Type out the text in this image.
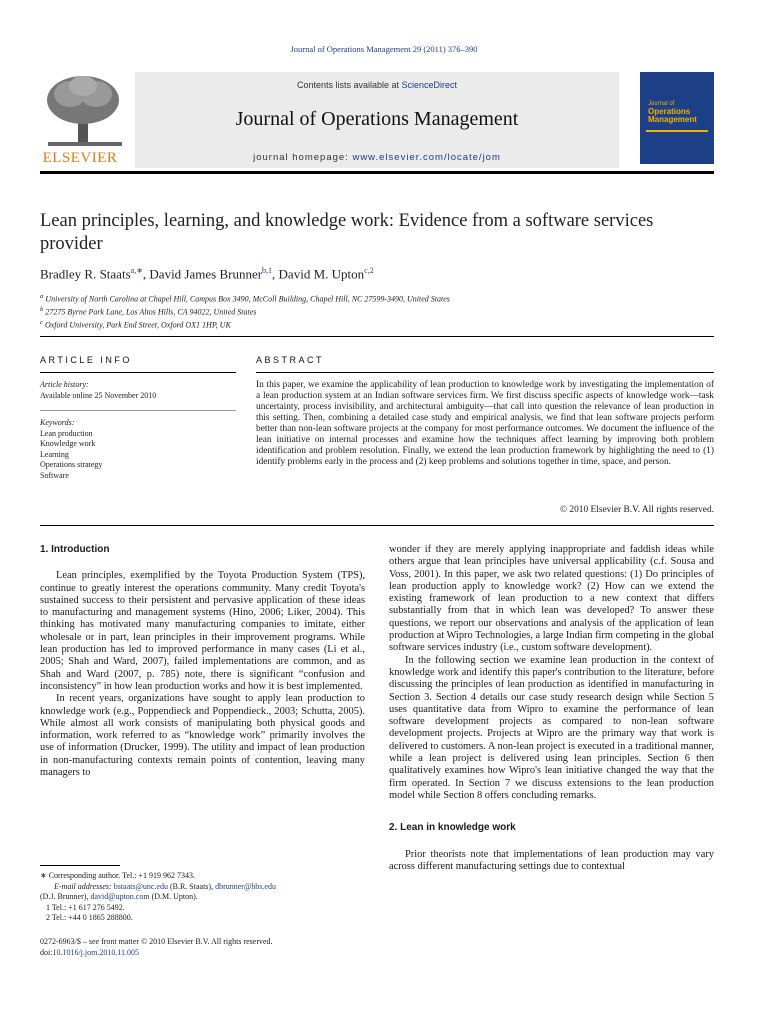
Journal of Operations Management 29 (2011) 376–390
ELSEVIER
Contents lists available at ScienceDirect
Journal of Operations Management
journal homepage: www.elsevier.com/locate/jom
Journal of
Operations
Management
Lean principles, learning, and knowledge work: Evidence from a software services provider
Bradley R. Staats$^{a,∗}$, David James Brunner$^{b,1}$, David M. Upton$^{c,2}$
$^a$ University of North Carolina at Chapel Hill, Campus Box 3490, McColl Building, Chapel Hill, NC 27599-3490, United States
$^b$ 27275 Byrne Park Lane, Los Altos Hills, CA 94022, United States
$^c$ Oxford University, Park End Street, Oxford OX1 1HP, UK
ARTICLE INFO	ABSTRACT
Article history:
Available online 25 November 2010
Keywords:
Lean production
Knowledge work
Learning
Operations strategy
Software
In this paper, we examine the applicability of lean production to knowledge work by investigating the implementation of a lean production system at an Indian software services firm. We first discuss specific aspects of knowledge work—task uncertainty, process invisibility, and architectural ambiguity—that call into question the relevance of lean production in this setting. Then, combining a detailed case study and empirical analysis, we find that lean software projects perform better than non-lean software projects at the company for most performance outcomes. We document the influence of the lean initiative on internal processes and examine how the techniques affect learning by improving both problem identification and problem resolution. Finally, we extend the lean production framework by highlighting the need to (1) identify problems early in the process and (2) keep problems and solutions together in time, space, and person.
© 2010 Elsevier B.V. All rights reserved.
1. Introduction

Lean principles, exemplified by the Toyota Production System (TPS), continue to greatly interest the operations community. Many credit Toyota's sustained success to their persistent and pervasive application of these ideas to manufacturing and management systems (Hino, 2006; Liker, 2004). This thinking has motivated many manufacturing companies to imitate, either wholesale or in part, lean principles in their improvement programs. While lean production has led to improved performance in many cases (Li et al., 2005; Shah and Ward, 2007), failed implementations are common, and as Shah and Ward (2007, p. 785) note, there is significant “confusion and inconsistency” in how lean production works and how it is best implemented.

In recent years, organizations have sought to apply lean production to knowledge work (e.g., Poppendieck and Poppendieck., 2003; Schutta, 2005). While almost all work consists of manipulating both physical goods and information, work referred to as “knowledge work” primarily involves the use of information (Drucker, 1999). The utility and impact of lean production in non-manufacturing contexts remain points of contention, leaving many managers to

wonder if they are merely applying inappropriate and faddish ideas while others argue that lean principles have universal applicability (c.f. Sousa and Voss, 2001). In this paper, we ask two related questions: (1) Do principles of lean production apply to knowledge work? (2) How can we extend the existing framework of lean production to a new context that differs substantially from that in which lean was developed? To answer these questions, we report our observations and analysis of the application of lean production at Wipro Technologies, a large Indian firm competing in the global software services industry (i.e., custom software development).

In the following section we examine lean production in the context of knowledge work and identify this paper's contribution to the literature, before discussing the principles of lean production as identified in manufacturing in Section 3. Section 4 details our case study research design while Section 5 uses quantitative data from Wipro to examine the performance of lean software development projects as compared to non-lean software development projects. Projects at Wipro are the primary way that work is delivered to customers. A non-lean project is executed in a traditional manner, while a lean project is delivered using lean principles. Section 6 then qualitatively examines how Wipro's lean initiative changed the way that the firm operated. In Section 7 we discuss extensions to the lean production model while Section 8 offers concluding remarks.

2. Lean in knowledge work

Prior theorists note that implementations of lean production may vary across different manufacturing settings due to contextual

∗ Corresponding author. Tel.: +1 919 962 7343.
E-mail addresses: bstaats@unc.edu (B.R. Staats), dbrunner@hbs.edu
(D.J. Brunner), david@upton.com (D.M. Upton).
1 Tel.: +1 617 276 5492.
2 Tel.: +44 0 1865 288800.
0272-6963/$ – see front matter © 2010 Elsevier B.V. All rights reserved.
doi:10.1016/j.jom.2010.11.005
